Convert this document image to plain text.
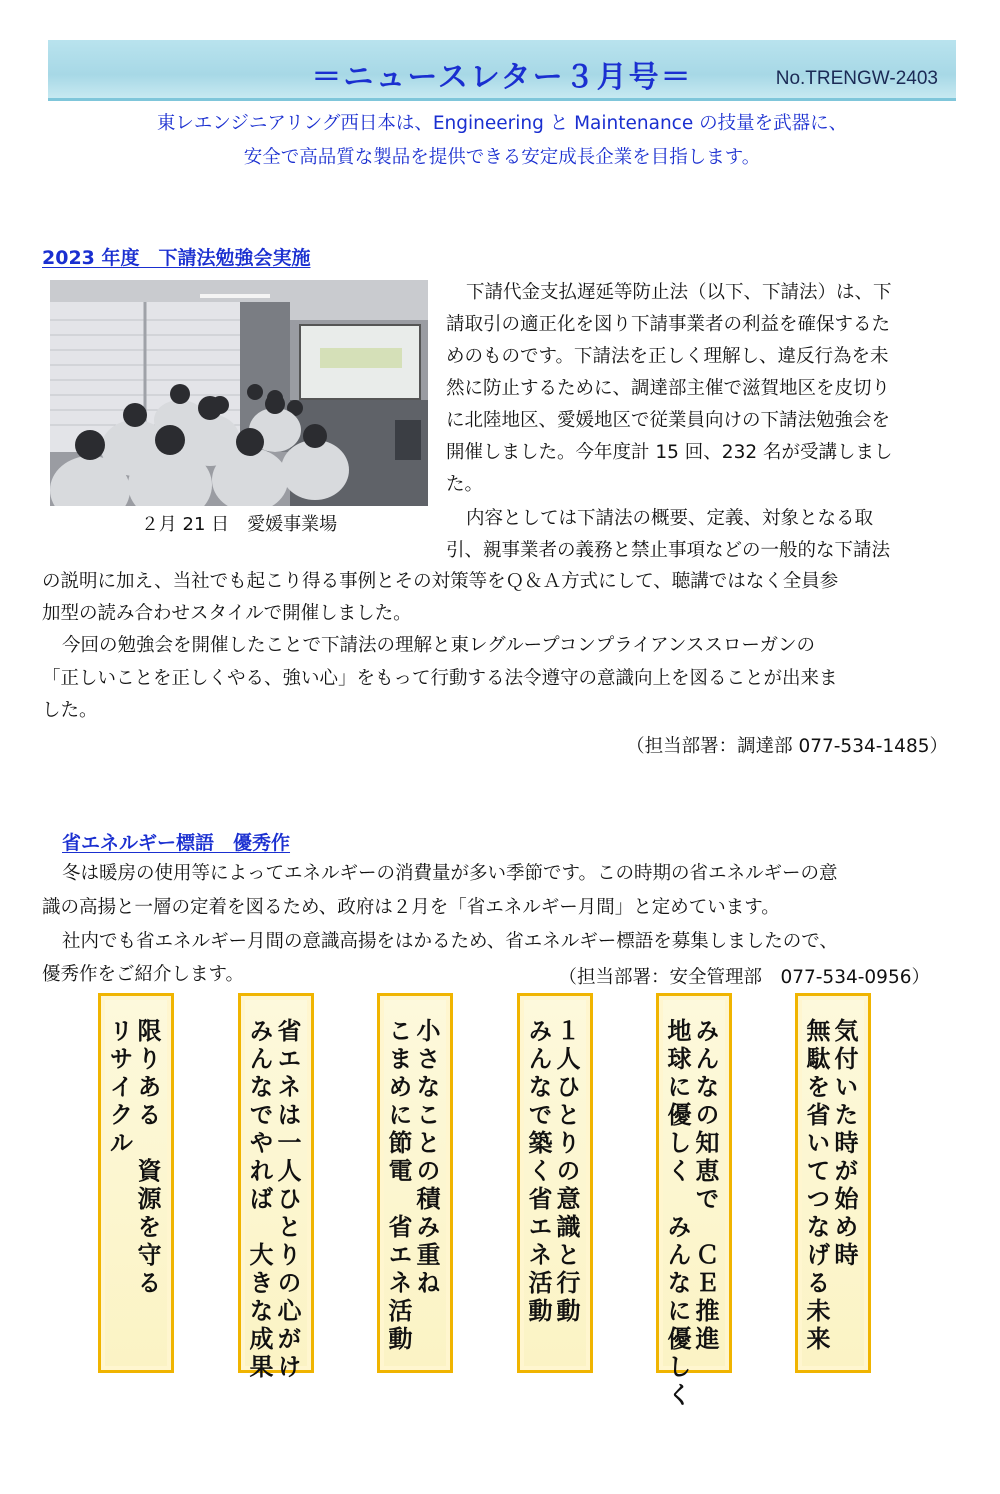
＝ニュースレター３月号＝	No.TRENGW-2403
東レエンジニアリング西日本は、Engineering と Maintenance の技量を武器に、
安全で高品質な製品を提供できる安定成長企業を目指します。
2023 年度　下請法勉強会実施
２月 21 日　愛媛事業場

下請代金支払遅延等防止法（以下、下請法）は、下

請取引の適正化を図り下請事業者の利益を確保するた

めのものです。下請法を正しく理解し、違反行為を未

然に防止するために、調達部主催で滋賀地区を皮切り

に北陸地区、愛媛地区で従業員向けの下請法勉強会を

開催しました。今年度計 15 回、232 名が受講しまし

た。

内容としては下請法の概要、定義、対象となる取

引、親事業者の義務と禁止事項などの一般的な下請法

の説明に加え、当社でも起こり得る事例とその対策等をＱ＆Ａ方式にして、聴講ではなく全員参

加型の読み合わせスタイルで開催しました。

今回の勉強会を開催したことで下請法の理解と東レグループコンプライアンススローガンの

「正しいことを正しくやる、強い心」をもって行動する法令遵守の意識向上を図ることが出来ま

した。

（担当部署：調達部 077-534-1485）
省エネルギー標語　優秀作

冬は暖房の使用等によってエネルギーの消費量が多い季節です。この時期の省エネルギーの意

識の高揚と一層の定着を図るため、政府は２月を「省エネルギー月間」と定めています。

社内でも省エネルギー月間の意識高揚をはかるため、省エネルギー標語を募集しましたので、

優秀作をご紹介します。	（担当部署：安全管理部　077-534-0956）
気付いた時が始め時
無駄を省いてつなげる未来
みんなの知恵で　ＣＥ推進
地球に優しく　みんなに優しく
１人ひとりの意識と行動
みんなで築く省エネ活動
小さなことの積み重ね
こまめに節電　省エネ活動
省エネは一人ひとりの心がけ
みんなでやれば　大きな成果
限りある　資源を守る
リサイクル
